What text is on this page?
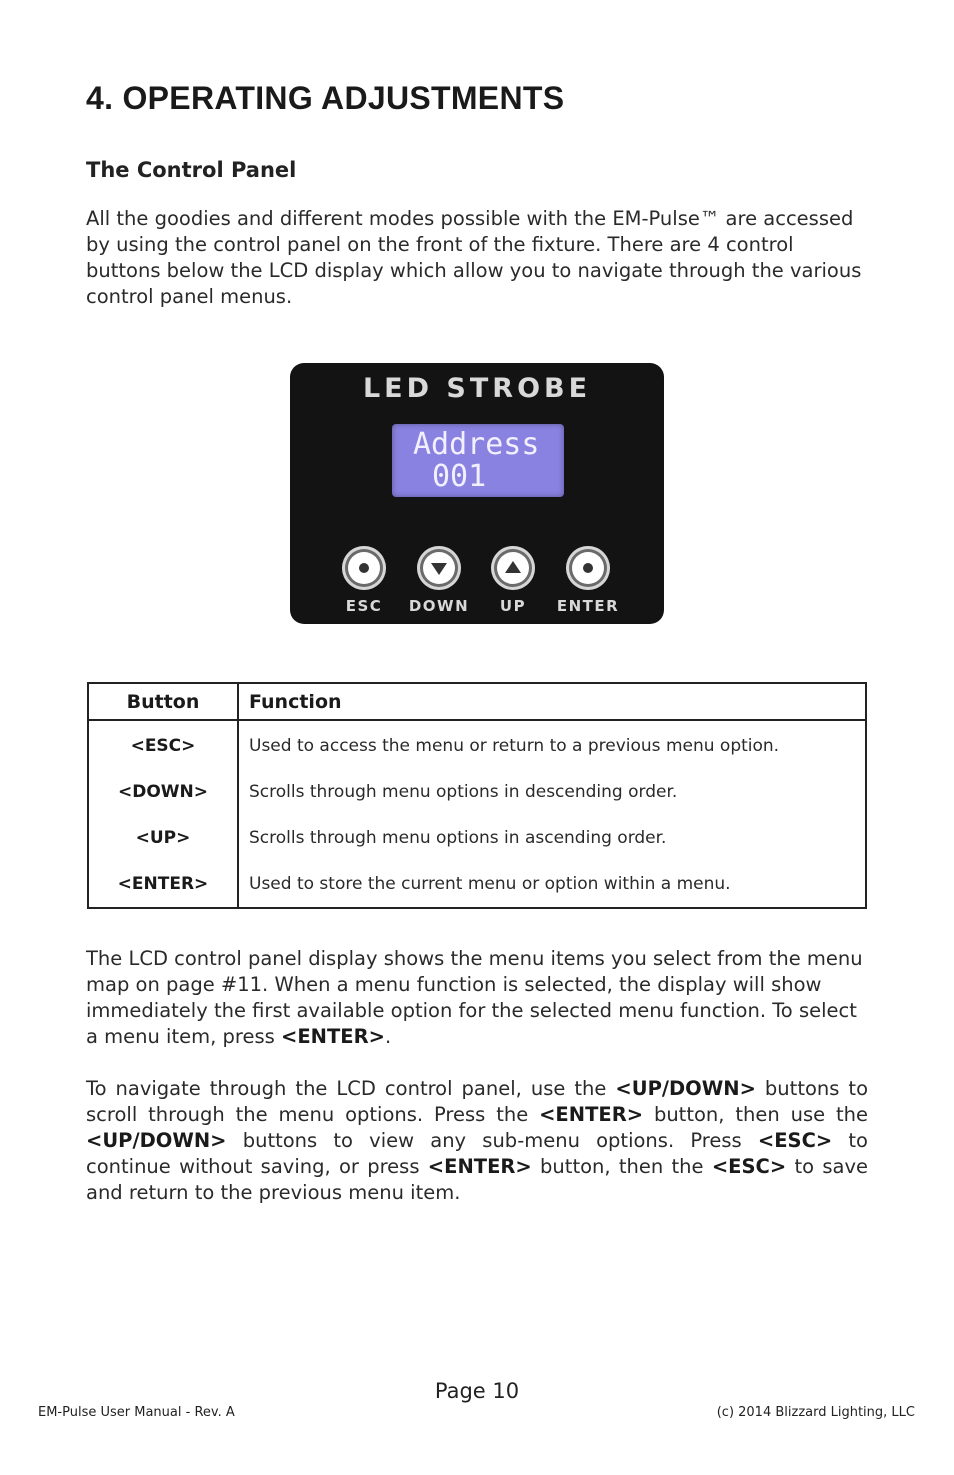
4. OPERATING ADJUSTMENTS
The Control Panel

All the goodies and different modes possible with the EM-Pulse™ are accessed by using the control panel on the front of the fixture. There are 4 control buttons below the LCD display which allow you to navigate through the various control panel menus.

LED STROBE
Address
001
ESC	DOWN	UP	ENTER
Button	Function
<ESC>	Used to access the menu or return to a previous menu option.
<DOWN>	Scrolls through menu options in descending order.
<UP>	Scrolls through menu options in ascending order.
<ENTER>	Used to store the current menu or option within a menu.

The LCD control panel display shows the menu items you select from the menu map on page #11. When a menu function is selected, the display will show immediately the first available option for the selected menu function. To select a menu item, press <ENTER>.

To navigate through the LCD control panel, use the <UP/DOWN> buttons to scroll through the menu options. Press the <ENTER> button, then use the <UP/DOWN> buttons to view any sub-menu options. Press <ESC> to continue without saving, or press <ENTER> button, then the <ESC> to save and return to the previous menu item.

Page 10
EM-Pulse User Manual - Rev. A	(c) 2014 Blizzard Lighting, LLC
